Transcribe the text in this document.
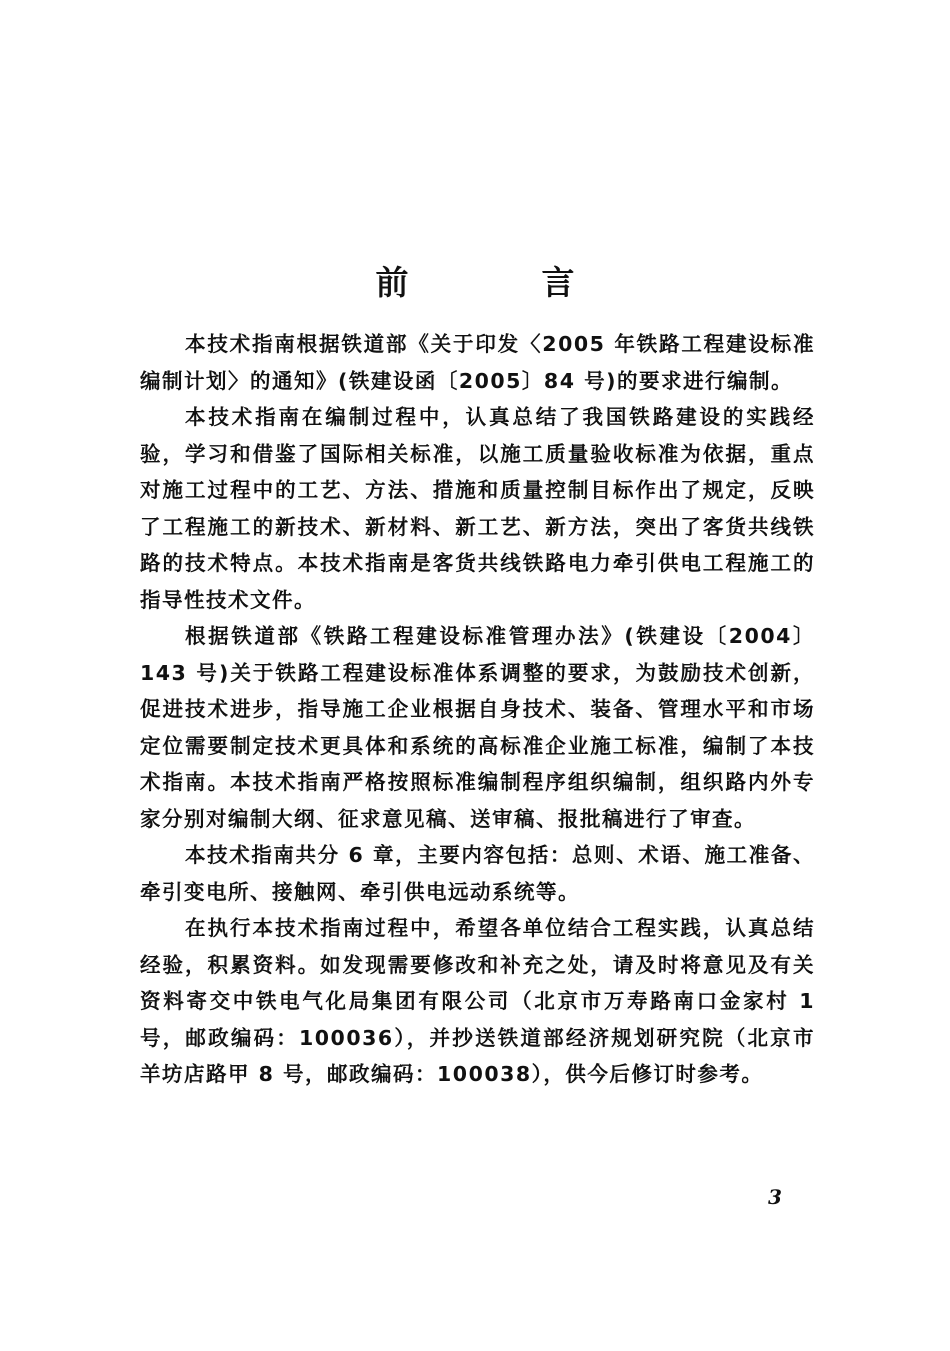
前　言

本技术指南根据铁道部《关于印发〈2005 年铁路工程建设标准编制计划〉的通知》(铁建设函〔2005〕84 号)的要求进行编制。

本技术指南在编制过程中，认真总结了我国铁路建设的实践经验，学习和借鉴了国际相关标准，以施工质量验收标准为依据，重点对施工过程中的工艺、方法、措施和质量控制目标作出了规定，反映了工程施工的新技术、新材料、新工艺、新方法，突出了客货共线铁路的技术特点。本技术指南是客货共线铁路电力牵引供电工程施工的指导性技术文件。

根据铁道部《铁路工程建设标准管理办法》(铁建设〔2004〕143 号)关于铁路工程建设标准体系调整的要求，为鼓励技术创新，促进技术进步，指导施工企业根据自身技术、装备、管理水平和市场定位需要制定技术更具体和系统的高标准企业施工标准，编制了本技术指南。本技术指南严格按照标准编制程序组织编制，组织路内外专家分别对编制大纲、征求意见稿、送审稿、报批稿进行了审查。

本技术指南共分 6 章，主要内容包括：总则、术语、施工准备、牵引变电所、接触网、牵引供电远动系统等。

在执行本技术指南过程中，希望各单位结合工程实践，认真总结经验，积累资料。如发现需要修改和补充之处，请及时将意见及有关资料寄交中铁电气化局集团有限公司（北京市万寿路南口金家村 1 号，邮政编码：100036），并抄送铁道部经济规划研究院（北京市羊坊店路甲 8 号，邮政编码：100038），供今后修订时参考。

3
